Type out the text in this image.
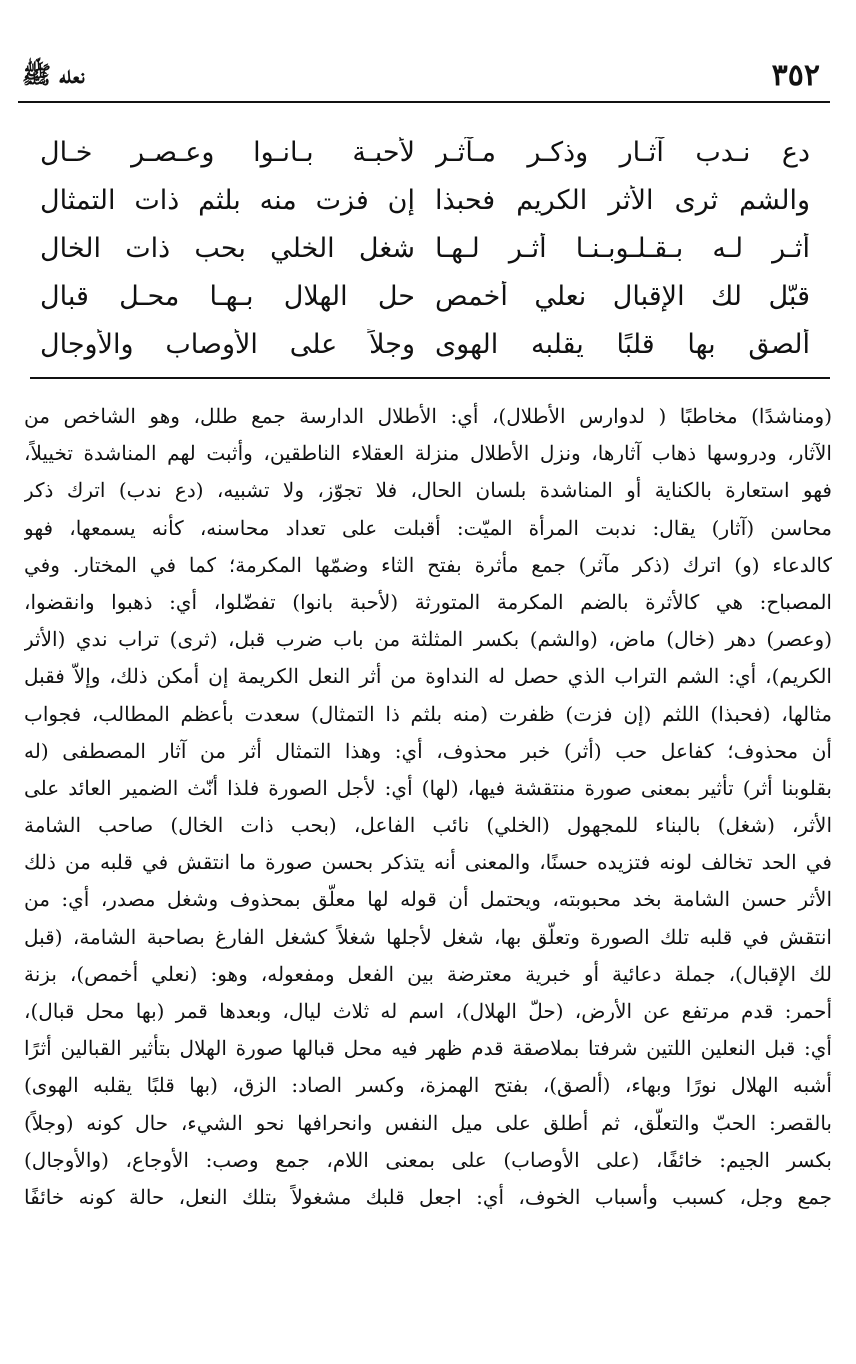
٣٥٢
نعله ﷺ
دع نـدب آثـار وذكـر مـآثـر
لأحبـة بـانـوا وعـصـر خـال
والشم ثرى الأثر الكريم فحبذا
إن فزت منه بلثم ذات التمثال
أثـر لـه بـقـلـوبـنـا أثـر لـهـا
شغل الخلي بحب ذات الخال
قبّل لك الإقبال نعلي أخمص
حل الهلال بـهـا محـل قبال
ألصق بها قلبًا يقلبه الهوى
وجلاً على الأوصاب والأوجال
(ومناشدًا) مخاطبًا ( لدوارس الأطلال)، أي: الأطلال الدارسة جمع طلل، وهو الشاخص من
الآثار، ودروسها ذهاب آثارها، ونزل الأطلال منزلة العقلاء الناطقين، وأثبت لهم المناشدة تخييلاً،
فهو استعارة بالكناية أو المناشدة بلسان الحال، فلا تجوّز، ولا تشبيه، (دع ندب) اترك ذكر
محاسن (آثار) يقال: ندبت المرأة الميّت: أقبلت على تعداد محاسنه، كأنه يسمعها، فهو
كالدعاء (و) اترك (ذكر مآثر) جمع مأثرة بفتح الثاء وضمّها المكرمة؛ كما في المختار. وفي
المصباح: هي كالأثرة بالضم المكرمة المتورثة (لأحبة بانوا) تفضّلوا، أي: ذهبوا وانقضوا،
(وعصر) دهر (خال) ماض، (والشم) بكسر المثلثة من باب ضرب قبل، (ثرى) تراب ندي (الأثر
الكريم)، أي: الشم التراب الذي حصل له النداوة من أثر النعل الكريمة إن أمكن ذلك، وإلاّ فقبل
مثالها، (فحبذا) اللثم (إن فزت) ظفرت (منه بلثم ذا التمثال) سعدت بأعظم المطالب، فجواب
أن محذوف؛ كفاعل حب (أثر) خبر محذوف، أي: وهذا التمثال أثر من آثار المصطفى (له
بقلوبنا أثر) تأثير بمعنى صورة منتقشة فيها، (لها) أي: لأجل الصورة فلذا أنّث الضمير العائد على
الأثر، (شغل) بالبناء للمجهول (الخلي) نائب الفاعل، (بحب ذات الخال) صاحب الشامة
في الحد تخالف لونه فتزيده حسنًا، والمعنى أنه يتذكر بحسن صورة ما انتقش في قلبه من ذلك
الأثر حسن الشامة بخد محبوبته، ويحتمل أن قوله لها معلّق بمحذوف وشغل مصدر، أي: من
انتقش في قلبه تلك الصورة وتعلّق بها، شغل لأجلها شغلاً كشغل الفارغ بصاحبة الشامة، (قبل
لك الإقبال)، جملة دعائية أو خبرية معترضة بين الفعل ومفعوله، وهو: (نعلي أخمص)، بزنة
أحمر: قدم مرتفع عن الأرض، (حلّ الهلال)، اسم له ثلاث ليال، وبعدها قمر (بها محل قبال)،
أي: قبل النعلين اللتين شرفتا بملاصقة قدم ظهر فيه محل قبالها صورة الهلال بتأثير القبالين أثرًا
أشبه الهلال نورًا وبهاء، (ألصق)، بفتح الهمزة، وكسر الصاد: الزق، (بها قلبًا يقلبه الهوى)
بالقصر: الحبّ والتعلّق، ثم أطلق على ميل النفس وانحرافها نحو الشيء، حال كونه (وجلاً)
بكسر الجيم: خائفًا، (على الأوصاب) على بمعنى اللام، جمع وصب: الأوجاع، (والأوجال)
جمع وجل، كسبب وأسباب الخوف، أي: اجعل قلبك مشغولاً بتلك النعل، حالة كونه خائفًا
